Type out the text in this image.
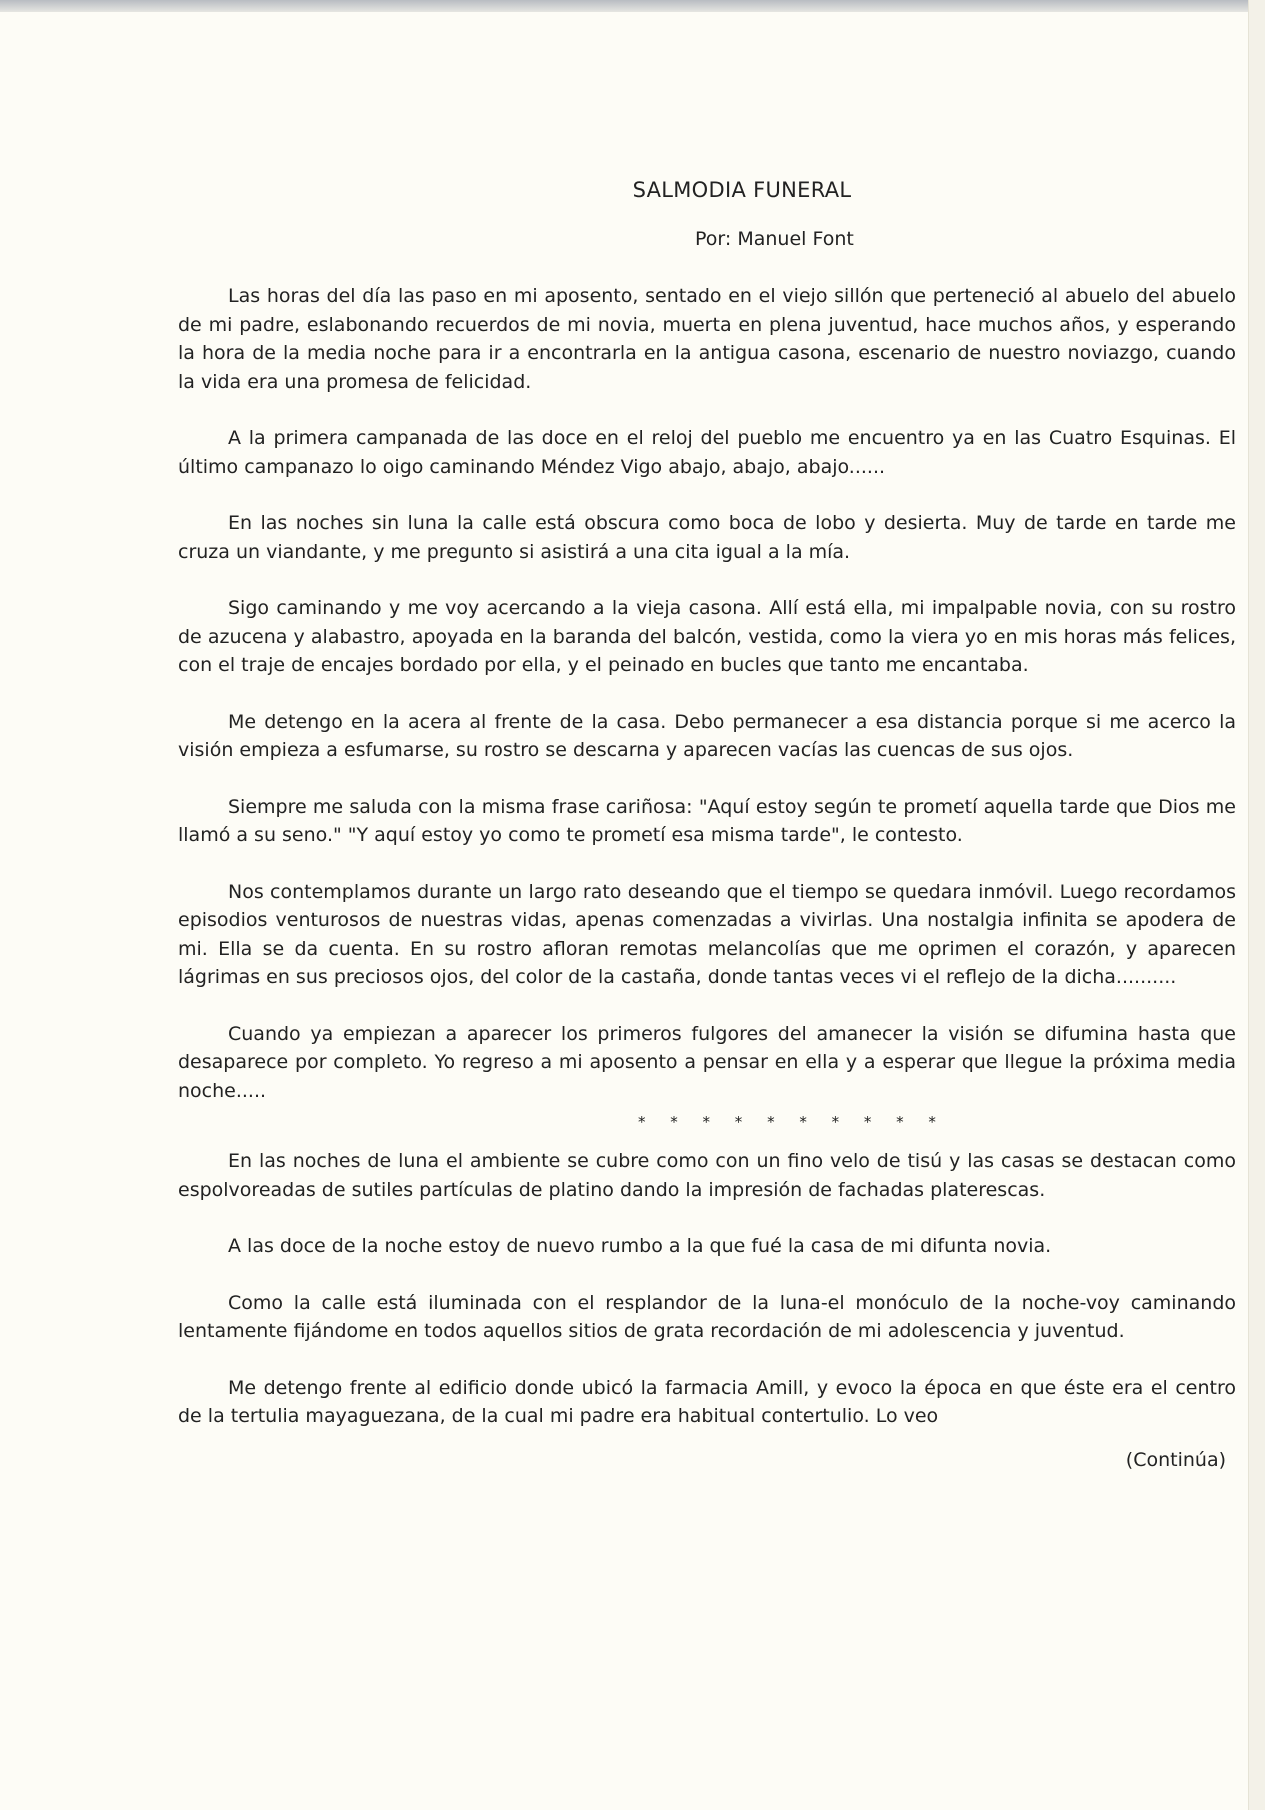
SALMODIA FUNERAL
Por: Manuel Font

Las horas del día las paso en mi aposento, sentado en el viejo sillón que perteneció al abuelo del abuelo de mi padre, eslabonando recuerdos de mi novia, muerta en plena juventud, hace muchos años, y esperando la hora de la media noche para ir a encontrarla en la antigua casona, escenario de nuestro noviazgo, cuando la vida era una promesa de felicidad.

A la primera campanada de las doce en el reloj del pueblo me encuentro ya en las Cuatro Esquinas. El último campanazo lo oigo caminando Méndez Vigo abajo, abajo, abajo......

En las noches sin luna la calle está obscura como boca de lobo y desierta. Muy de tarde en tarde me cruza un viandante, y me pregunto si asistirá a una cita igual a la mía.

Sigo caminando y me voy acercando a la vieja casona. Allí está ella, mi impalpable novia, con su rostro de azucena y alabastro, apoyada en la baranda del balcón, vestida, como la viera yo en mis horas más felices, con el traje de encajes bordado por ella, y el peinado en bucles que tanto me encantaba.

Me detengo en la acera al frente de la casa. Debo permanecer a esa distancia porque si me acerco la visión empieza a esfumarse, su rostro se descarna y aparecen vacías las cuencas de sus ojos.

Siempre me saluda con la misma frase cariñosa: "Aquí estoy según te prometí aquella tarde que Dios me llamó a su seno." "Y aquí estoy yo como te prometí esa misma tarde", le contesto.

Nos contemplamos durante un largo rato deseando que el tiempo se quedara inmóvil. Luego recordamos episodios venturosos de nuestras vidas, apenas comenzadas a vivirlas. Una nostalgia infinita se apodera de mi. Ella se da cuenta. En su rostro afloran remotas melancolías que me oprimen el corazón, y aparecen lágrimas en sus preciosos ojos, del color de la castaña, donde tantas veces vi el reflejo de la dicha..........

Cuando ya empiezan a aparecer los primeros fulgores del amanecer la visión se difumina hasta que desaparece por completo. Yo regreso a mi aposento a pensar en ella y a esperar que llegue la próxima media noche.....

* * * * * * * * * *

En las noches de luna el ambiente se cubre como con un fino velo de tisú y las casas se destacan como espolvoreadas de sutiles partículas de platino dando la impresión de fachadas platerescas.

A las doce de la noche estoy de nuevo rumbo a la que fué la casa de mi difunta novia.

Como la calle está iluminada con el resplandor de la luna-el monóculo de la noche-voy caminando lentamente fijándome en todos aquellos sitios de grata recordación de mi adolescencia y juventud.

Me detengo frente al edificio donde ubicó la farmacia Amill, y evoco la época en que éste era el centro de la tertulia mayaguezana, de la cual mi padre era habitual contertulio. Lo veo

(Continúa)
